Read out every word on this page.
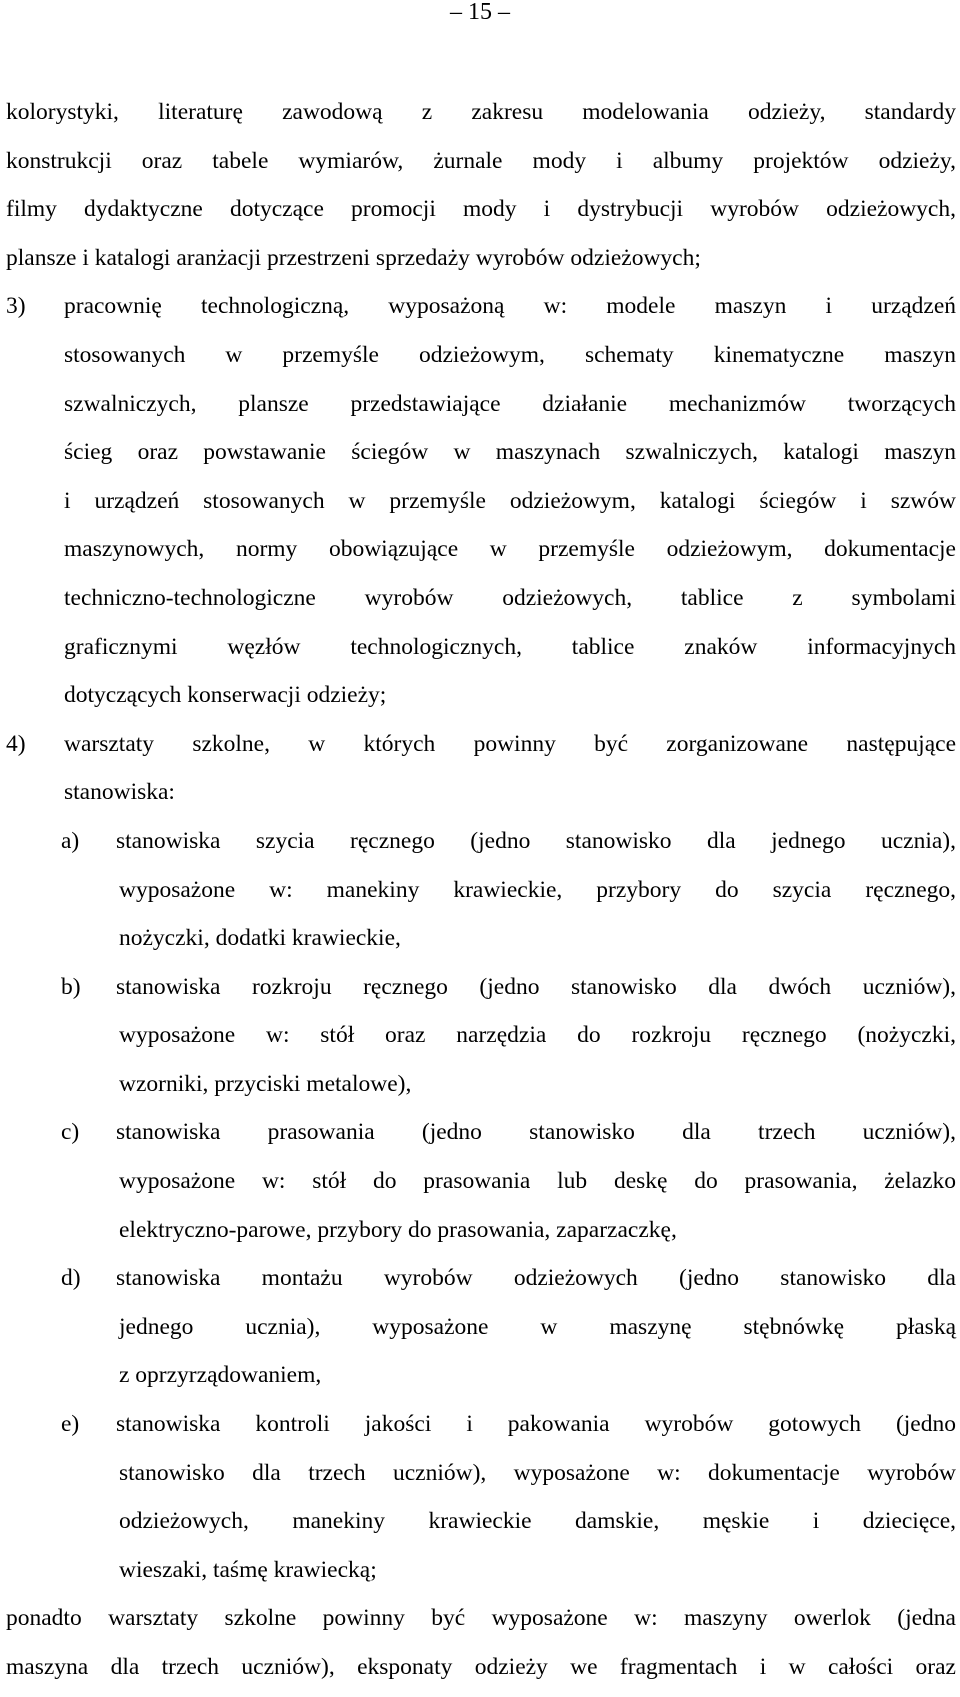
– 15 –
kolorystyki, literaturę zawodową z zakresu modelowania odzieży, standardy
konstrukcji oraz tabele wymiarów, żurnale mody i albumy projektów odzieży,
filmy dydaktyczne dotyczące promocji mody i dystrybucji wyrobów odzieżowych,
plansze i katalogi aranżacji przestrzeni sprzedaży wyrobów odzieżowych;
3)	pracownię technologiczną, wyposażoną w: modele maszyn i urządzeń
stosowanych w przemyśle odzieżowym, schematy kinematyczne maszyn
szwalniczych, plansze przedstawiające działanie mechanizmów tworzących
ścieg oraz powstawanie ściegów w maszynach szwalniczych, katalogi maszyn
i urządzeń stosowanych w przemyśle odzieżowym, katalogi ściegów i szwów
maszynowych, normy obowiązujące w przemyśle odzieżowym, dokumentacje
techniczno-technologiczne wyrobów odzieżowych, tablice z symbolami
graficznymi węzłów technologicznych, tablice znaków informacyjnych
dotyczących konserwacji odzieży;
4)	warsztaty szkolne, w których powinny być zorganizowane następujące
stanowiska:
a)	stanowiska szycia ręcznego (jedno stanowisko dla jednego ucznia),
wyposażone w: manekiny krawieckie, przybory do szycia ręcznego,
nożyczki, dodatki krawieckie,
b)	stanowiska rozkroju ręcznego (jedno stanowisko dla dwóch uczniów),
wyposażone w: stół oraz narzędzia do rozkroju ręcznego (nożyczki,
wzorniki, przyciski metalowe),
c)	stanowiska prasowania (jedno stanowisko dla trzech uczniów),
wyposażone w: stół do prasowania lub deskę do prasowania, żelazko
elektryczno-parowe, przybory do prasowania, zaparzaczkę,
d)	stanowiska montażu wyrobów odzieżowych (jedno stanowisko dla
jednego ucznia), wyposażone w maszynę stębnówkę płaską
z oprzyrządowaniem,
e)	stanowiska kontroli jakości i pakowania wyrobów gotowych (jedno
stanowisko dla trzech uczniów), wyposażone w: dokumentacje wyrobów
odzieżowych, manekiny krawieckie damskie, męskie i dziecięce,
wieszaki, taśmę krawiecką;
ponadto warsztaty szkolne powinny być wyposażone w: maszyny owerlok (jedna
maszyna dla trzech uczniów), eksponaty odzieży we fragmentach i w całości oraz
